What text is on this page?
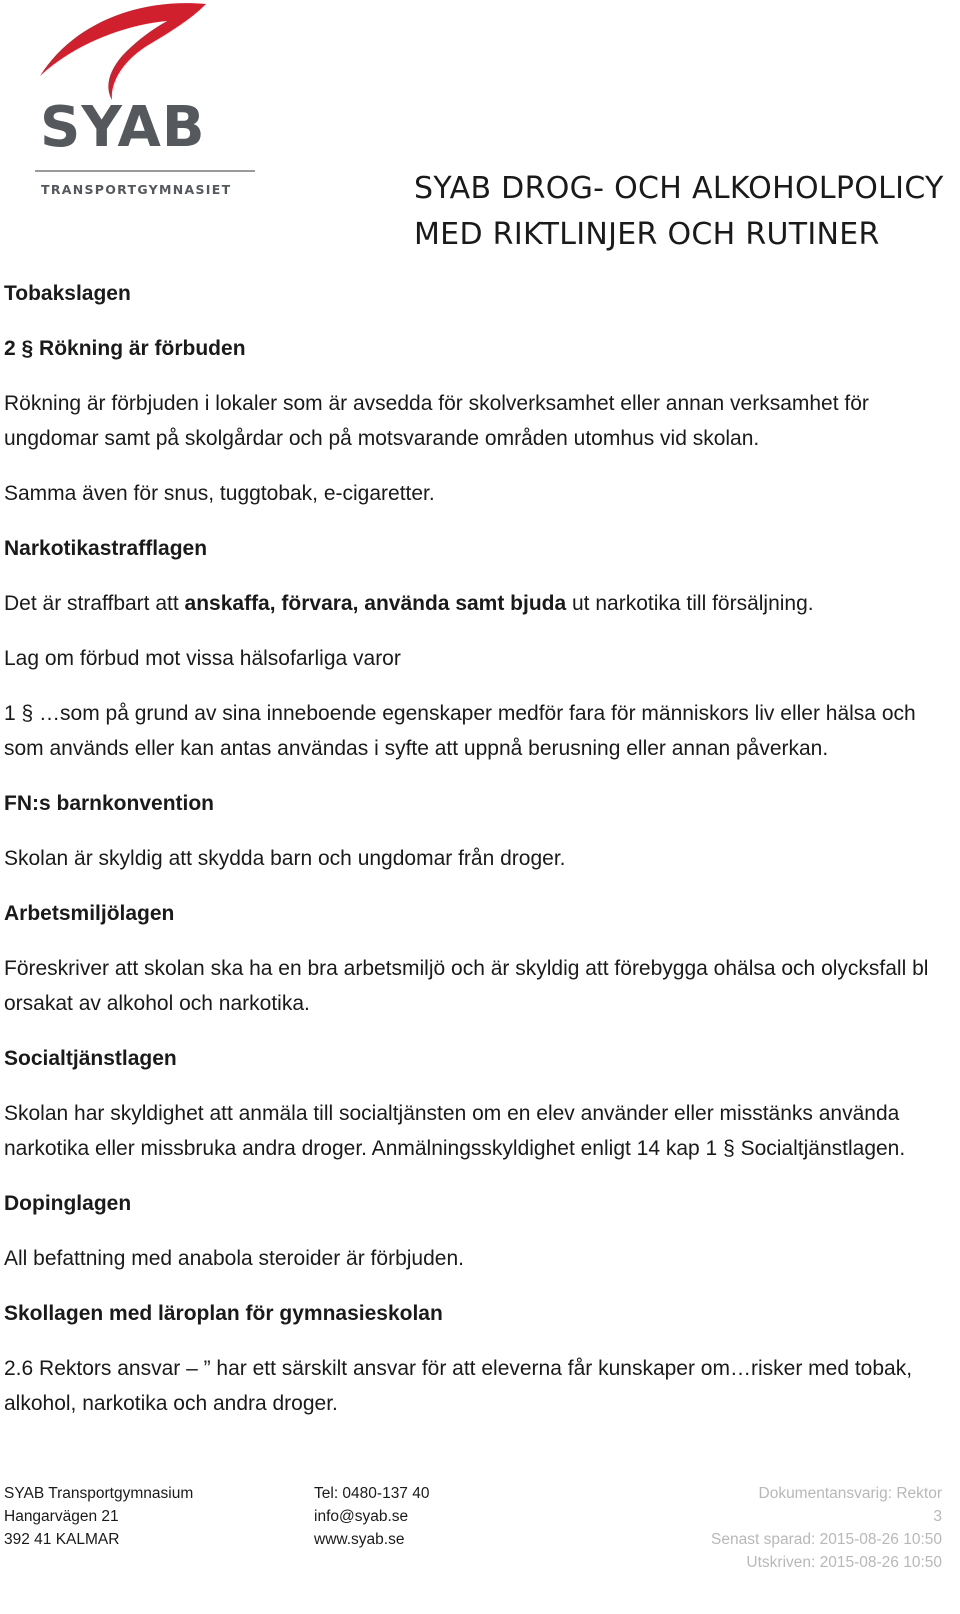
SYAB
TRANSPORTGYMNASIET	SYAB DROG- OCH ALKOHOLPOLICY
MED RIKTLINJER OCH RUTINER

Tobakslagen

2 § Rökning är förbuden

Rökning är förbjuden i lokaler som är avsedda för skolverksamhet eller annan verksamhet för ungdomar samt på skolgårdar och på motsvarande områden utomhus vid skolan.

Samma även för snus, tuggtobak, e-cigaretter.

Narkotikastrafflagen

Det är straffbart att anskaffa, förvara, använda samt bjuda ut narkotika till försäljning.

Lag om förbud mot vissa hälsofarliga varor

1 § …som på grund av sina inneboende egenskaper medför fara för människors liv eller hälsa och som används eller kan antas användas i syfte att uppnå berusning eller annan påverkan.

FN:s barnkonvention

Skolan är skyldig att skydda barn och ungdomar från droger.

Arbetsmiljölagen

Föreskriver att skolan ska ha en bra arbetsmiljö och är skyldig att förebygga ohälsa och olycksfall bl orsakat av alkohol och narkotika.

Socialtjänstlagen

Skolan har skyldighet att anmäla till socialtjänsten om en elev använder eller misstänks använda narkotika eller missbruka andra droger. Anmälningsskyldighet enligt 14 kap 1 § Socialtjänstlagen.

Dopinglagen

All befattning med anabola steroider är förbjuden.

Skollagen med läroplan för gymnasieskolan

2.6 Rektors ansvar – ” har ett särskilt ansvar för att eleverna får kunskaper om…risker med tobak, alkohol, narkotika och andra droger.

SYAB Transportgymnasium
Hangarvägen 21
392 41 KALMAR
Tel: 0480-137 40
info@syab.se
www.syab.se
Dokumentansvarig: Rektor
3
Senast sparad: 2015-08-26 10:50
Utskriven: 2015-08-26 10:50
